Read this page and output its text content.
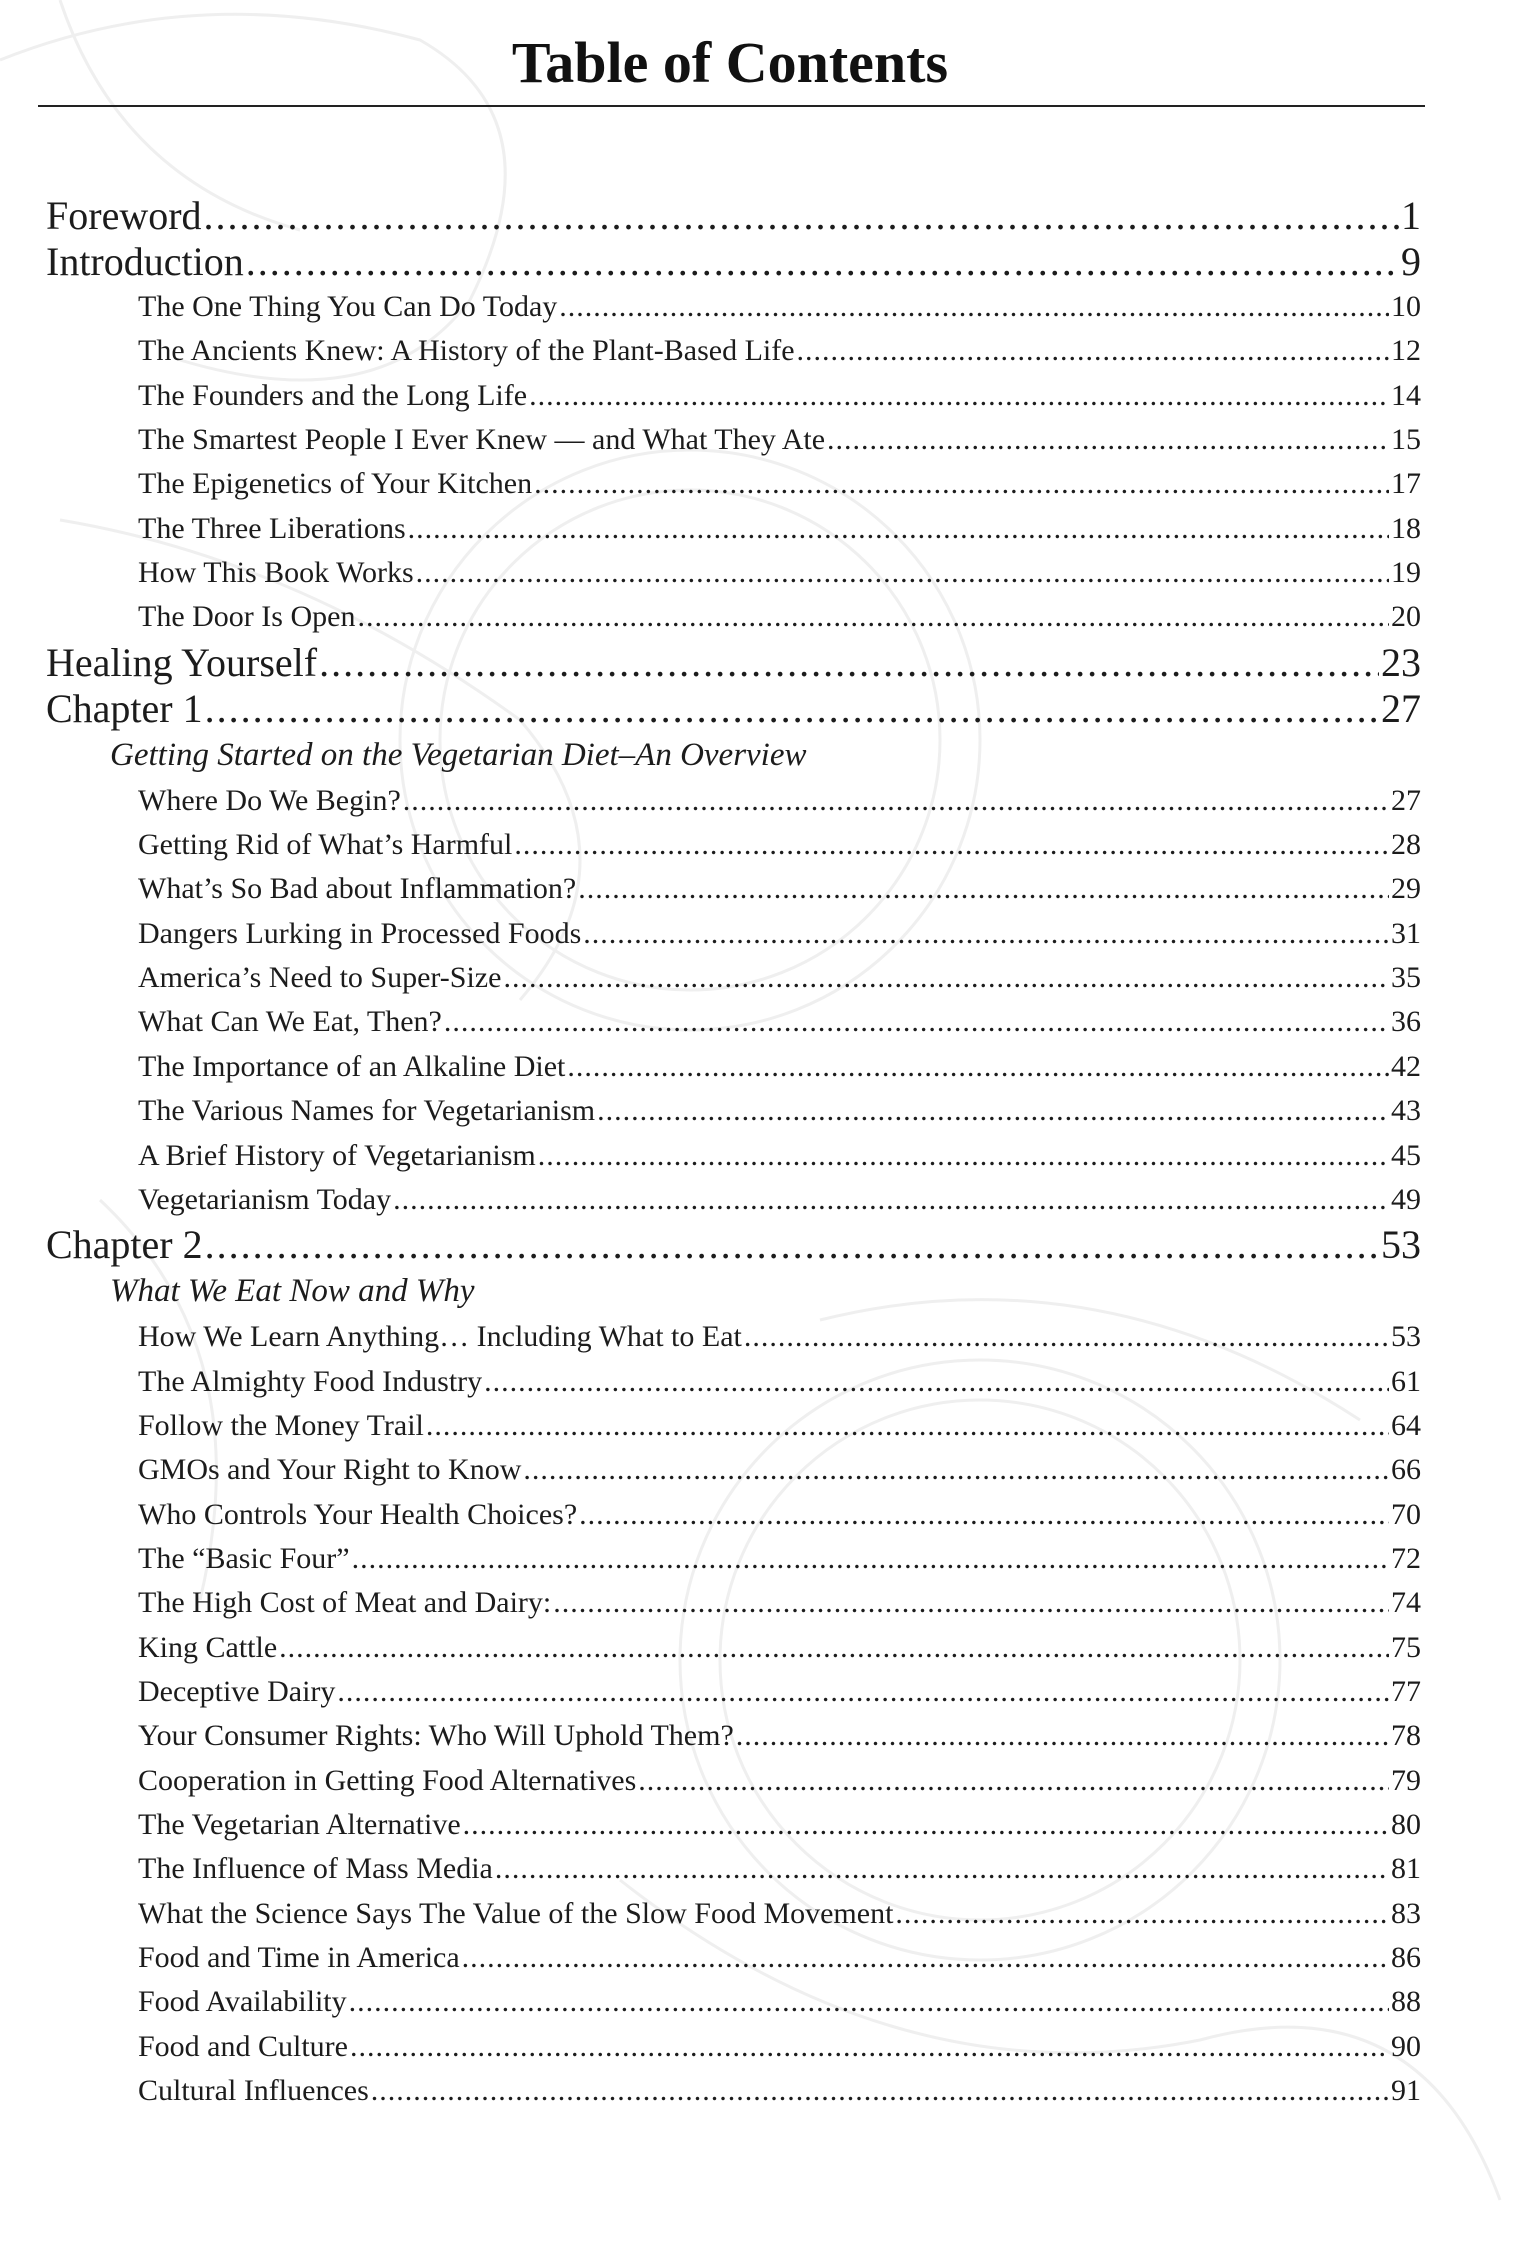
Table of Contents
Foreword .....	1
Introduction .....	9
The One Thing You Can Do Today .....	10
The Ancients Knew: A History of the Plant-Based Life .....	12
The Founders and the Long Life .....	14
The Smartest People I Ever Knew — and What They Ate .....	15
The Epigenetics of Your Kitchen .....	17
The Three Liberations .....	18
How This Book Works .....	19
The Door Is Open .....	20
Healing Yourself .....	23
Chapter 1 .....	27
Getting Started on the Vegetarian Diet–An Overview
Where Do We Begin? .....	27
Getting Rid of What’s Harmful .....	28
What’s So Bad about Inflammation? .....	29
Dangers Lurking in Processed Foods .....	31
America’s Need to Super-Size .....	35
What Can We Eat, Then? .....	36
The Importance of an Alkaline Diet .....	42
The Various Names for Vegetarianism .....	43
A Brief History of Vegetarianism .....	45
Vegetarianism Today .....	49
Chapter 2 .....	53
What We Eat Now and Why
How We Learn Anything… Including What to Eat .....	53
The Almighty Food Industry .....	61
Follow the Money Trail .....	64
GMOs and Your Right to Know .....	66
Who Controls Your Health Choices? .....	70
The “Basic Four” .....	72
The High Cost of Meat and Dairy: .....	74
King Cattle .....	75
Deceptive Dairy .....	77
Your Consumer Rights: Who Will Uphold Them? .....	78
Cooperation in Getting Food Alternatives .....	79
The Vegetarian Alternative .....	80
The Influence of Mass Media .....	81
What the Science Says The Value of the Slow Food Movement .....	83
Food and Time in America .....	86
Food Availability .....	88
Food and Culture .....	90
Cultural Influences .....	91
